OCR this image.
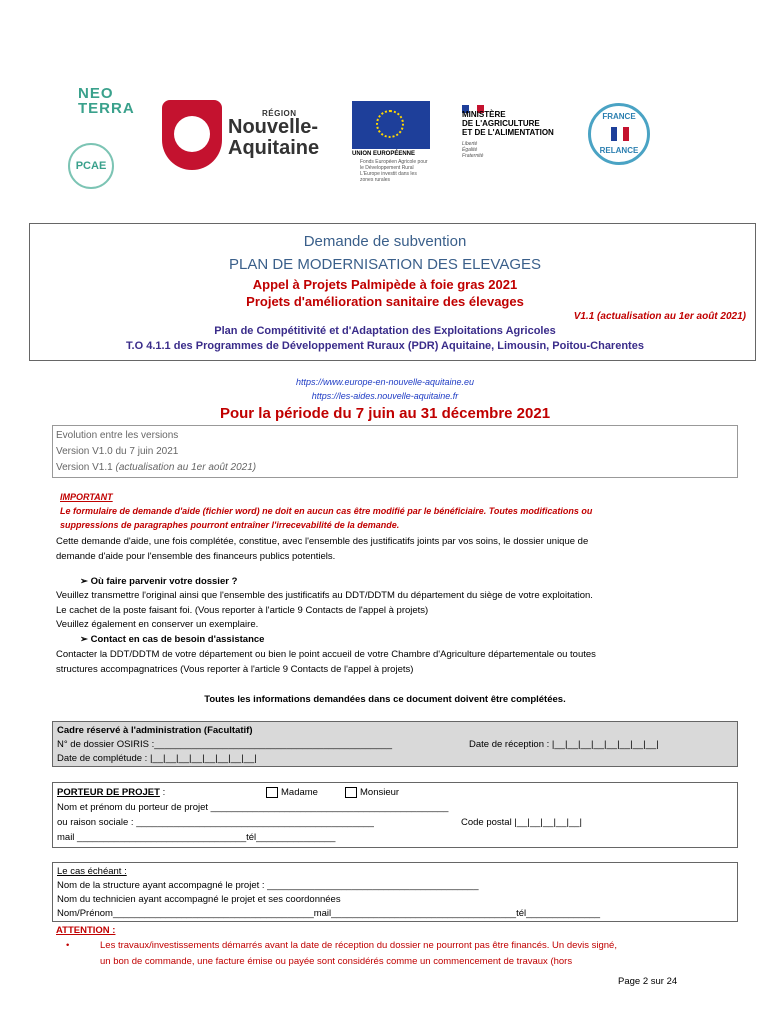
NEO
TERRA
PCAE
RÉGION
Nouvelle-
Aquitaine	UNION EUROPÉENNE
Fonds Européen Agricole pour le Développement Rural L'Europe investit dans les zones rurales
MINISTÈRE
DE L'AGRICULTURE
ET DE L'ALIMENTATION
Liberté
Égalité
Fraternité
FRANCE
RELANCE
Demande de subvention
PLAN DE MODERNISATION DES ELEVAGES
Appel à Projets Palmipède à foie gras 2021
Projets d'amélioration sanitaire des élevages
V1.1 (actualisation au 1er août 2021)
Plan de Compétitivité et d'Adaptation des Exploitations Agricoles
T.O 4.1.1 des Programmes de Développement Ruraux (PDR) Aquitaine, Limousin, Poitou-Charentes
https://www.europe-en-nouvelle-aquitaine.eu
https://les-aides.nouvelle-aquitaine.fr
Pour la période du 7 juin au 31 décembre 2021
Evolution entre les versions
Version V1.0 du 7 juin 2021
Version V1.1 (actualisation au 1er août 2021)
IMPORTANT
Le formulaire de demande d'aide (fichier word) ne doit en aucun cas être modifié par le bénéficiaire. Toutes modifications ou
suppressions de paragraphes pourront entraîner l'irrecevabilité de la demande.
Cette demande d'aide, une fois complétée, constitue, avec l'ensemble des justificatifs joints par vos soins, le dossier unique de
demande d'aide pour l'ensemble des financeurs publics potentiels.
➢ Où faire parvenir votre dossier ?
Veuillez transmettre l'original ainsi que l'ensemble des justificatifs au DDT/DDTM du département du siège de votre exploitation.
Le cachet de la poste faisant foi. (Vous reporter à l'article 9 Contacts de l'appel à projets)
Veuillez également en conserver un exemplaire.
➢ Contact en cas de besoin d'assistance
Contacter la DDT/DDTM de votre département ou bien le point accueil de votre Chambre d'Agriculture départementale ou toutes
structures accompagnatrices (Vous reporter à l'article 9 Contacts de l'appel à projets)
Toutes les informations demandées dans ce document doivent être complétées.
Cadre réservé à l'administration (Facultatif)
N° de dossier OSIRIS :_____________________________________________	Date de réception : |__|__|__|__|__|__|__|__|
Date de complétude : |__|__|__|__|__|__|__|__|
PORTEUR DE PROJET :	Madame	Monsieur
Nom et prénom du porteur de projet _____________________________________________
ou raison sociale : _____________________________________________	Code postal |__|__|__|__|__|
mail ________________________________tél_______________
Le cas échéant :
Nom de la structure ayant accompagné le projet : ________________________________________
Nom du technicien ayant accompagné le projet et ses coordonnées
Nom/Prénom______________________________________mail___________________________________tél______________
ATTENTION :
•	Les travaux/investissements démarrés avant la date de réception du dossier ne pourront pas être financés. Un devis signé,
un bon de commande, une facture émise ou payée sont considérés comme un commencement de travaux (hors
Page 2 sur 24
